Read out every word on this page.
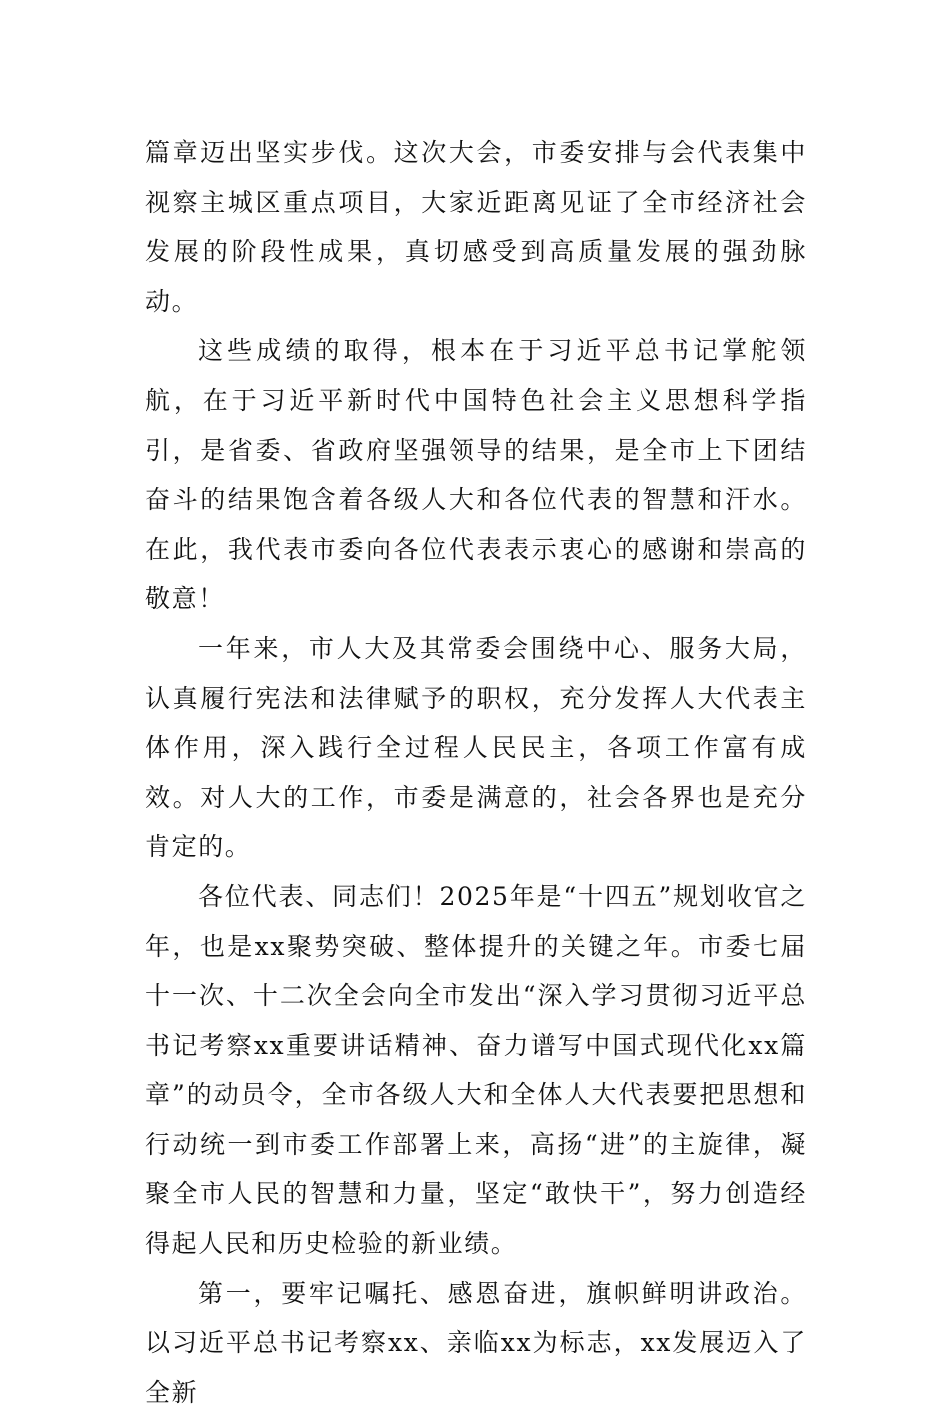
篇章迈出坚实步伐。这次大会，市委安排与会代表集中视察主城区重点项目，大家近距离见证了全市经济社会发展的阶段性成果，真切感受到高质量发展的强劲脉动。

这些成绩的取得，根本在于习近平总书记掌舵领航，在于习近平新时代中国特色社会主义思想科学指引，是省委、省政府坚强领导的结果，是全市上下团结奋斗的结果饱含着各级人大和各位代表的智慧和汗水。在此，我代表市委向各位代表表示衷心的感谢和崇高的敬意！

一年来，市人大及其常委会围绕中心、服务大局，认真履行宪法和法律赋予的职权，充分发挥人大代表主体作用，深入践行全过程人民民主，各项工作富有成效。对人大的工作，市委是满意的，社会各界也是充分肯定的。

各位代表、同志们！2025年是“十四五”规划收官之年，也是xx聚势突破、整体提升的关键之年。市委七届十一次、十二次全会向全市发出“深入学习贯彻习近平总书记考察xx重要讲话精神、奋力谱写中国式现代化xx篇章”的动员令，全市各级人大和全体人大代表要把思想和行动统一到市委工作部署上来，高扬“进”的主旋律，凝聚全市人民的智慧和力量，坚定“敢快干”，努力创造经得起人民和历史检验的新业绩。

第一，要牢记嘱托、感恩奋进，旗帜鲜明讲政治。以习近平总书记考察xx、亲临xx为标志，xx发展迈入了全新
